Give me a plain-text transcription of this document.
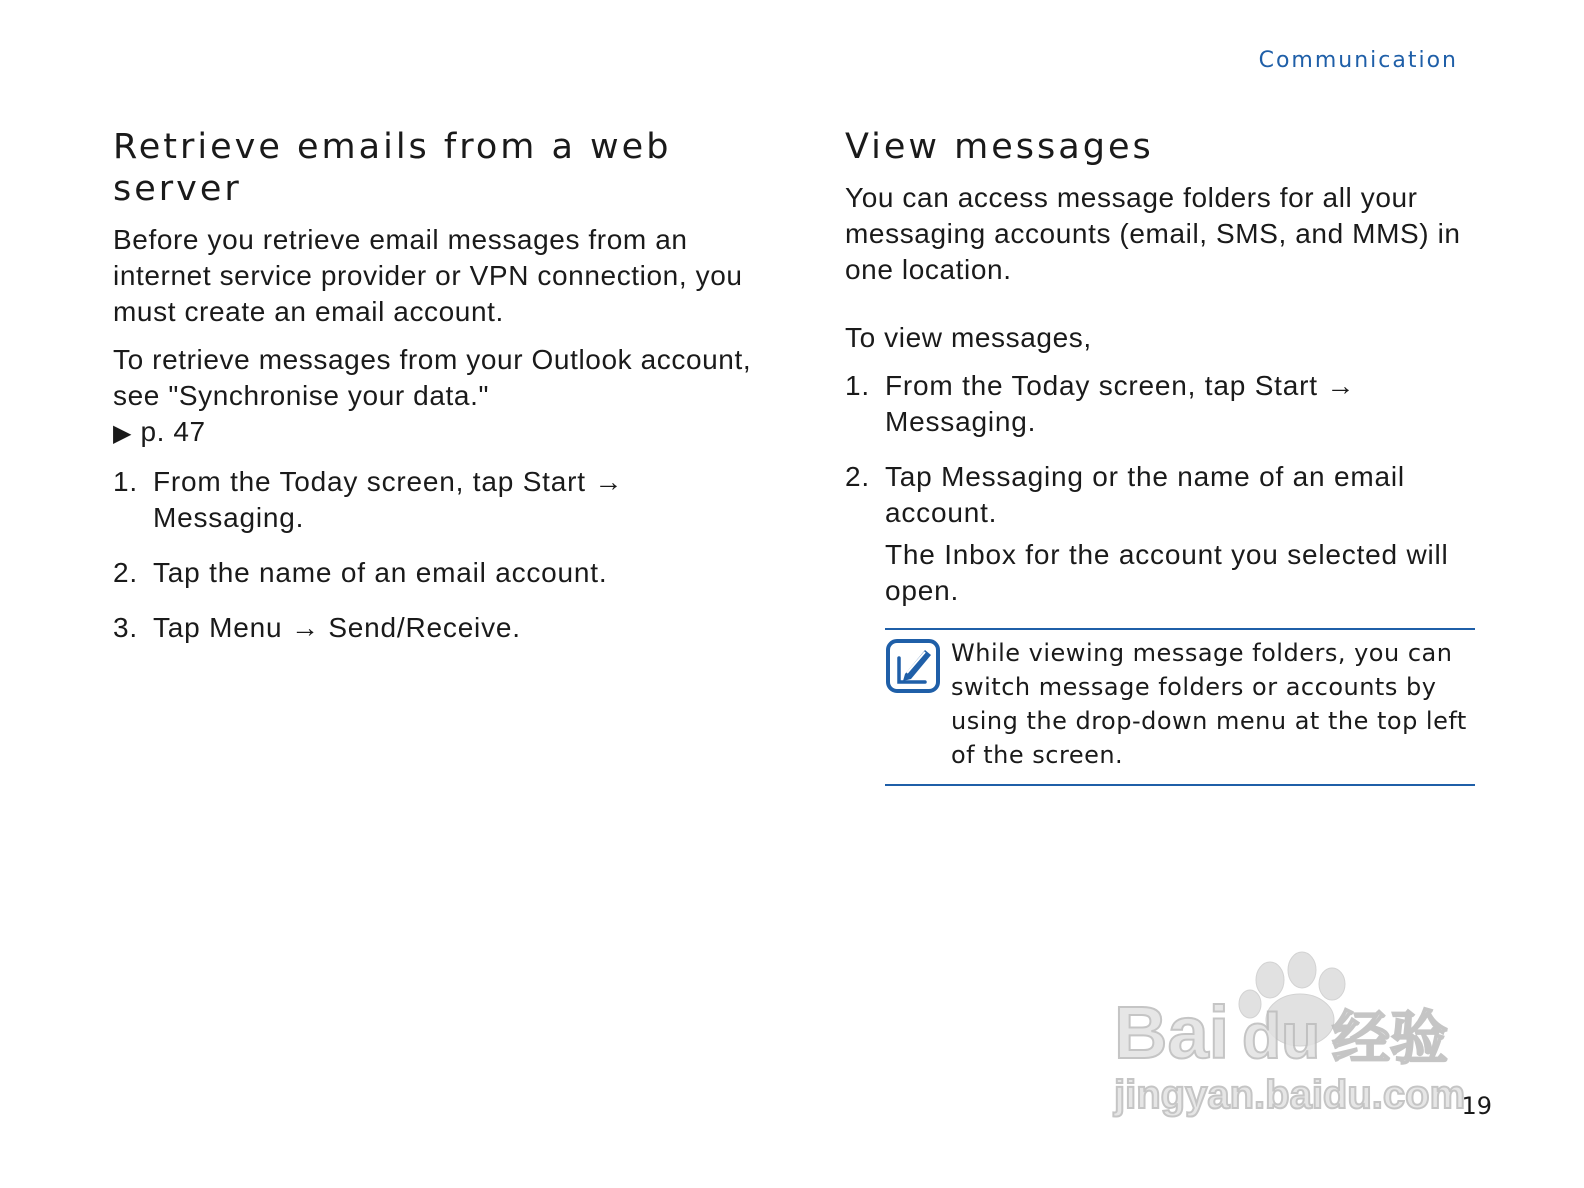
Communication
Retrieve emails from a web server

Before you retrieve email messages from an internet service provider or VPN connection, you must create an email account.

To retrieve messages from your Outlook account, see "Synchronise your data."
▶ p. 47

1. From the Today screen, tap Start → Messaging.
2. Tap the name of an email account.
3. Tap Menu → Send/Receive.
View messages

You can access message folders for all your messaging accounts (email, SMS, and MMS) in one location.

To view messages,

1. From the Today screen, tap Start → Messaging.
2. Tap Messaging or the name of an email account.
The Inbox for the account you selected will open.
While viewing message folders, you can switch message folders or accounts by using the drop-down menu at the top left of the screen.
Bai du 经验
jingyan.baidu.com
19
